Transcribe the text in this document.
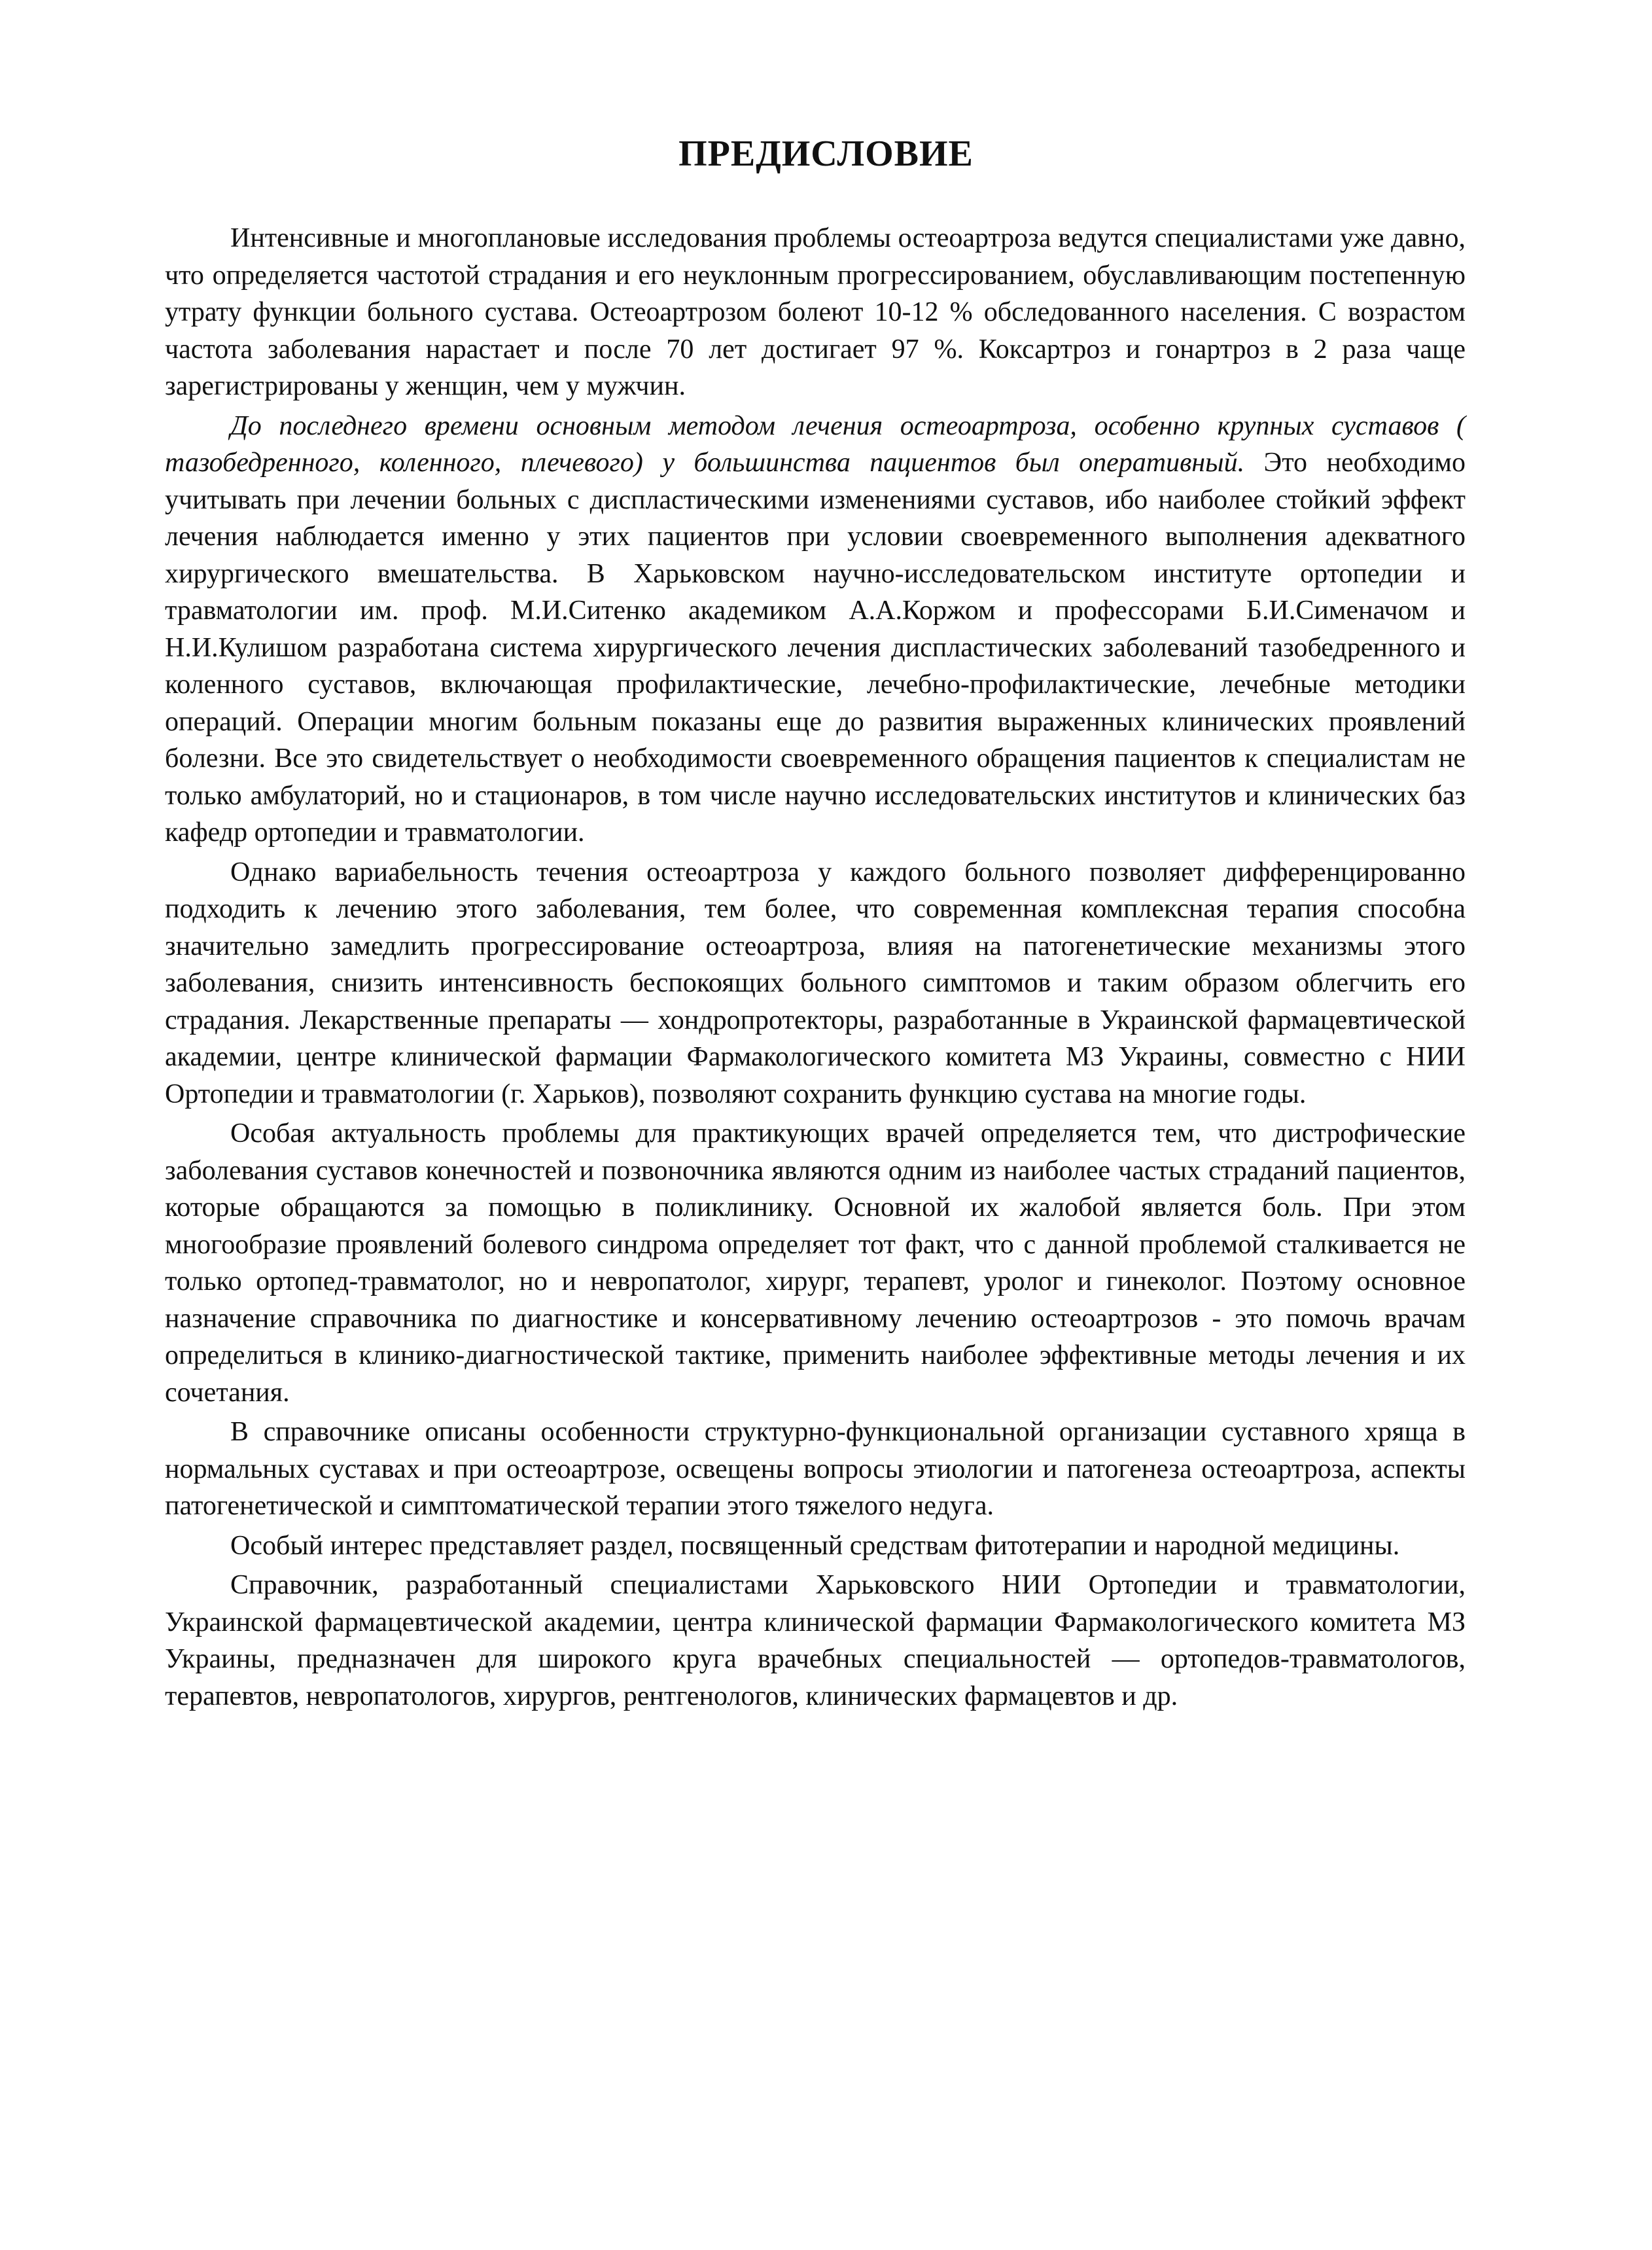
ПРЕДИСЛОВИЕ

Интенсивные и многоплановые исследования проблемы остеоартроза ведутся специалистами уже давно, что определяется частотой страдания и его неуклонным прогрессированием, обуславливающим постепенную утрату функции больного сустава. Остеоартрозом болеют 10-12 % обследованного населения. С возрастом частота заболевания нарастает и после 70 лет достигает 97 %. Коксартроз и гонартроз в 2 раза чаще зарегистрированы у женщин, чем у мужчин.

До последнего времени основным методом лечения остеоартроза, особенно крупных суставов ( тазобедренного, коленного, плечевого) у большинства пациентов был оперативный. Это необходимо учитывать при лечении больных с диспластическими изменениями суставов, ибо наиболее стойкий эффект лечения наблюдается именно у этих пациентов при условии своевременного выполнения адекватного хирургического вмешательства. В Харьковском научно-исследовательском институте ортопедии и травматологии им. проф. М.И.Ситенко академиком А.А.Коржом и профессорами Б.И.Сименачом и Н.И.Кулишом разработана система хирургического лечения диспластических заболеваний тазобедренного и коленного суставов, включающая профилактические, лечебно-профилактические, лечебные методики операций. Операции многим больным показаны еще до развития выраженных клинических проявлений болезни. Все это свидетельствует о необходимости своевременного обращения пациентов к специалистам не только амбулаторий, но и стационаров, в том числе научно исследовательских институтов и клинических баз кафедр ортопедии и травматологии.

Однако вариабельность течения остеоартроза у каждого больного позволяет дифференцированно подходить к лечению этого заболевания, тем более, что современная комплексная терапия способна значительно замедлить прогрессирование остеоартроза, влияя на патогенетические механизмы этого заболевания, снизить интенсивность беспокоящих больного симптомов и таким образом облегчить его страдания. Лекарственные препараты — хондропротекторы, разработанные в Украинской фармацевтической академии, центре клинической фармации Фармакологического комитета МЗ Украины, совместно с НИИ Ортопедии и травматологии (г. Харьков), позволяют сохранить функцию сустава на многие годы.

Особая актуальность проблемы для практикующих врачей определяется тем, что дистрофические заболевания суставов конечностей и позвоночника являются одним из наиболее частых страданий пациентов, которые обращаются за помощью в поликлинику. Основной их жалобой является боль. При этом многообразие проявлений болевого синдрома определяет тот факт, что с данной проблемой сталкивается не только ортопед-травматолог, но и невропатолог, хирург, терапевт, уролог и гинеколог. Поэтому основное назначение справочника по диагностике и консервативному лечению остеоартрозов - это помочь врачам определиться в клинико-диагностической тактике, применить наиболее эффективные методы лечения и их сочетания.

В справочнике описаны особенности структурно-функциональной организации суставного хряща в нормальных суставах и при остеоартрозе, освещены вопросы этиологии и патогенеза остеоартроза, аспекты патогенетической и симптоматической терапии этого тяжелого недуга.

Особый интерес представляет раздел, посвященный средствам фитотерапии и народной медицины.

Справочник, разработанный специалистами Харьковского НИИ Ортопедии и травматологии, Украинской фармацевтической академии, центра клинической фармации Фармакологического комитета МЗ Украины, предназначен для широкого круга врачебных специальностей — ортопедов-травматологов, терапевтов, невропатологов, хирургов, рентгенологов, клинических фармацевтов и др.
